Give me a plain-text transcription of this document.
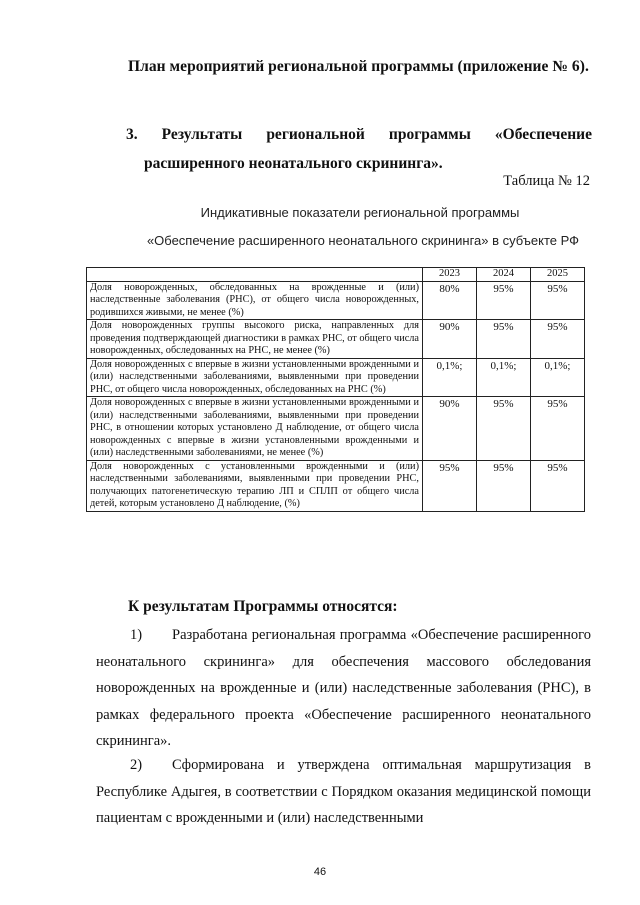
План мероприятий региональной программы (приложение № 6).
3. Результаты региональной программы «Обеспечение
расширенного неонатального скрининга».
Таблица № 12
Индикативные показатели региональной программы
«Обеспечение расширенного неонатального скрининга» в субъекте РФ
	2023	2024	2025
Доля новорожденных, обследованных на врожденные и (или) наследственные заболевания (РНС), от общего числа новорожденных, родившихся живыми, не менее (%)	80%	95%	95%
Доля новорожденных группы высокого риска, направленных для проведения подтверждающей диагностики в рамках РНС, от общего числа новорожденных, обследованных на РНС, не менее (%)	90%	95%	95%
Доля новорожденных с впервые в жизни установленными врожденными и (или) наследственными заболеваниями, выявленными при проведении РНС, от общего числа новорожденных, обследованных на РНС (%)	0,1%;	0,1%;	0,1%;
Доля новорожденных с впервые в жизни установленными врожденными и (или) наследственными заболеваниями, выявленными при проведении РНС, в отношении которых установлено Д наблюдение, от общего числа новорожденных с впервые в жизни установленными врожденными и (или) наследственными заболеваниями, не менее (%)	90%	95%	95%
Доля новорожденных с установленными врожденными и (или) наследственными заболеваниями, выявленными при проведении РНС, получающих патогенетическую терапию ЛП и СПЛП от общего числа детей, которым установлено Д наблюдение, (%)	95%	95%	95%
К результатам Программы относятся:
1) Разработана региональная программа «Обеспечение расширенного неонатального скрининга» для обеспечения массового обследования новорожденных на врожденные и (или) наследственные заболевания (РНС), в рамках федерального проекта «Обеспечение расширенного неонатального скрининга».
2) Сформирована и утверждена оптимальная маршрутизация в Республике Адыгея, в соответствии с Порядком оказания медицинской помощи пациентам с врожденными и (или) наследственными
46
